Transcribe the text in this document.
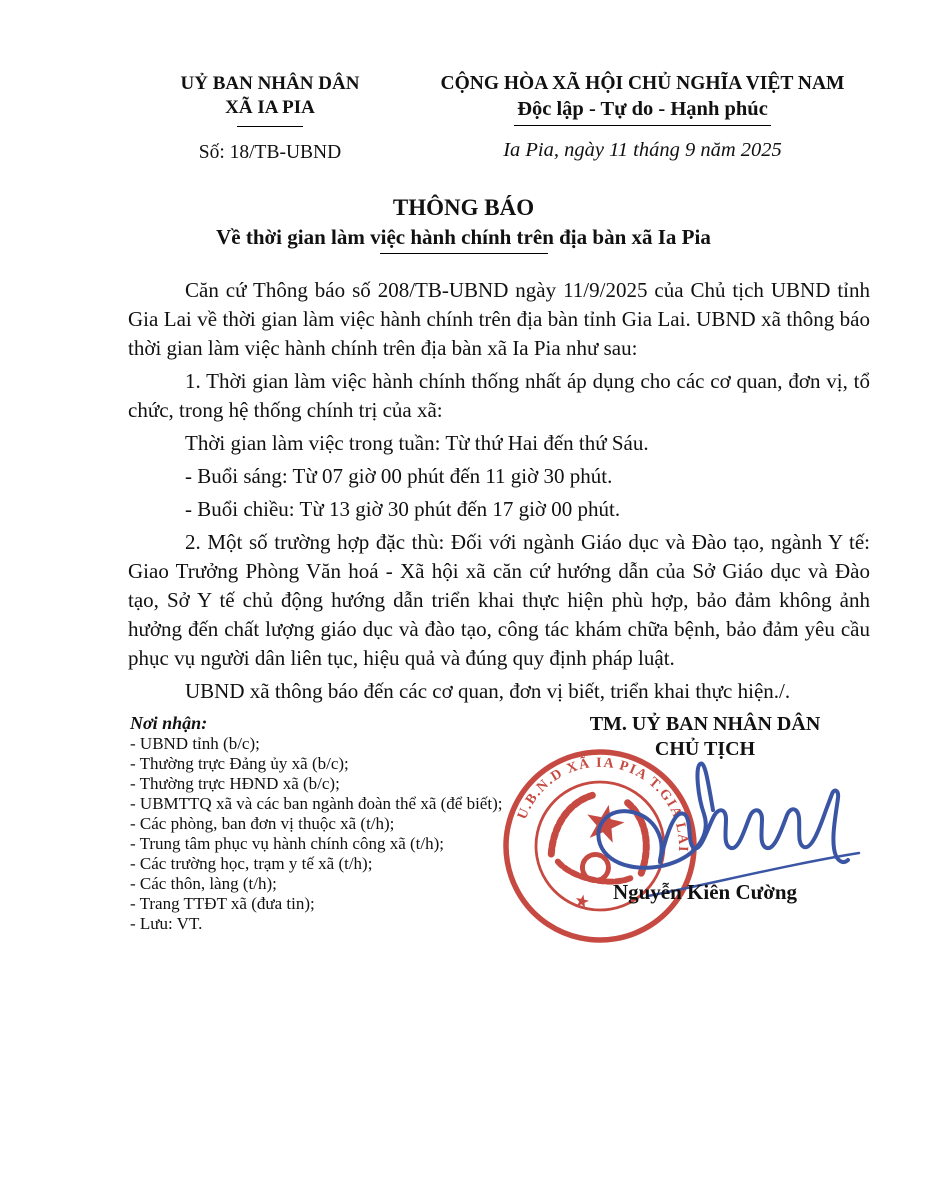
UỶ BAN NHÂN DÂN
XÃ IA PIA
Số: 18/TB-UBND
CỘNG HÒA XÃ HỘI CHỦ NGHĨA VIỆT NAM
Độc lập - Tự do - Hạnh phúc
Ia Pia, ngày 11 tháng 9 năm 2025
THÔNG BÁO
Về thời gian làm việc hành chính trên địa bàn xã Ia Pia

Căn cứ Thông báo số 208/TB-UBND ngày 11/9/2025 của Chủ tịch UBND tỉnh Gia Lai về thời gian làm việc hành chính trên địa bàn tỉnh Gia Lai. UBND xã thông báo thời gian làm việc hành chính trên địa bàn xã Ia Pia như sau:

1. Thời gian làm việc hành chính thống nhất áp dụng cho các cơ quan, đơn vị, tổ chức, trong hệ thống chính trị của xã:

Thời gian làm việc trong tuần: Từ thứ Hai đến thứ Sáu.

- Buổi sáng: Từ 07 giờ 00 phút đến 11 giờ 30 phút.

- Buổi chiều: Từ 13 giờ 30 phút đến 17 giờ 00 phút.

2. Một số trường hợp đặc thù: Đối với ngành Giáo dục và Đào tạo, ngành Y tế: Giao Trưởng Phòng Văn hoá - Xã hội xã căn cứ hướng dẫn của Sở Giáo dục và Đào tạo, Sở Y tế chủ động hướng dẫn triển khai thực hiện phù hợp, bảo đảm không ảnh hưởng đến chất lượng giáo dục và đào tạo, công tác khám chữa bệnh, bảo đảm yêu cầu phục vụ người dân liên tục, hiệu quả và đúng quy định pháp luật.

UBND xã thông báo đến các cơ quan, đơn vị biết, triển khai thực hiện./.

Nơi nhận:
- UBND tỉnh (b/c);
- Thường trực Đảng ủy xã (b/c);
- Thường trực HĐND xã (b/c);
- UBMTTQ xã và các ban ngành đoàn thể xã (để biết);
- Các phòng, ban đơn vị thuộc xã (t/h);
- Trung tâm phục vụ hành chính công xã (t/h);
- Các trường học, trạm y tế xã (t/h);
- Các thôn, làng (t/h);
- Trang TTĐT xã (đưa tin);
- Lưu: VT.
TM. UỶ BAN NHÂN DÂN
CHỦ TỊCH
U.B.N.D XÃ IA PIA T.GIA LAI
Nguyễn Kiên Cường
